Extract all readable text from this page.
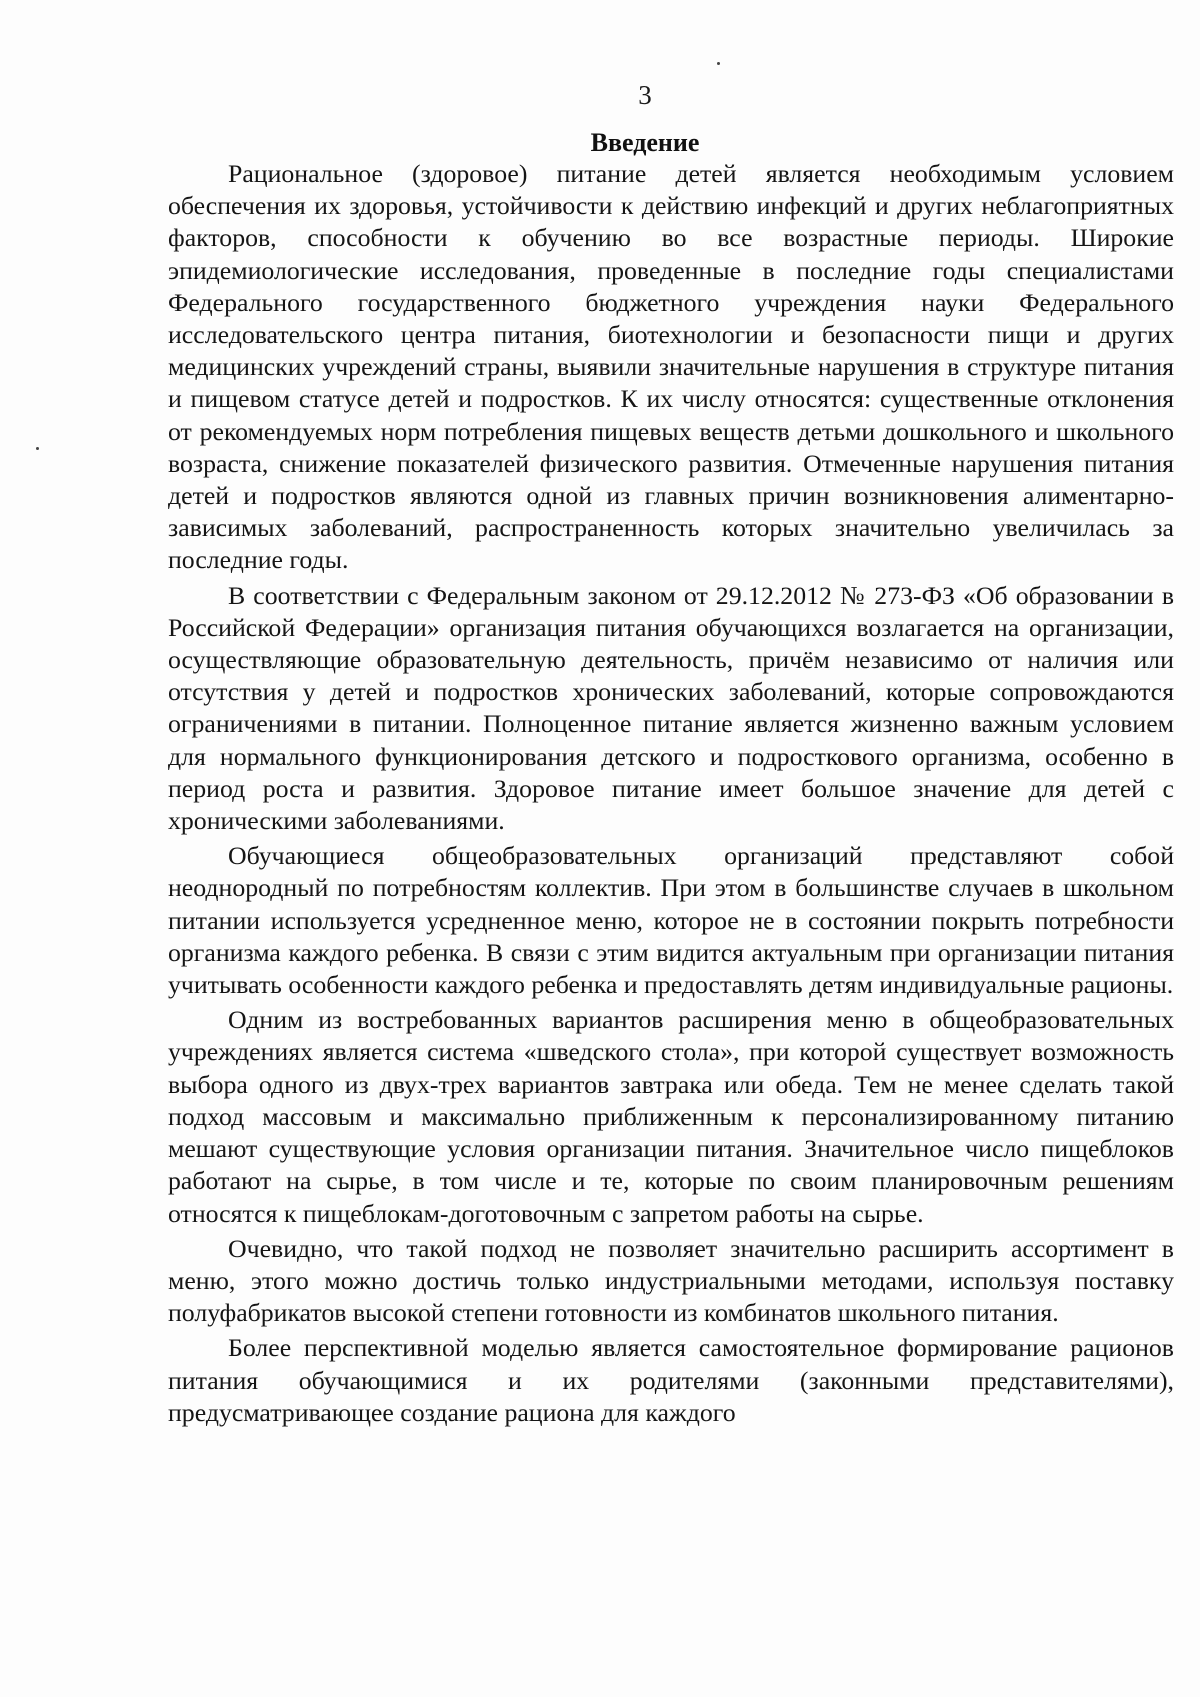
3
Введение

Рациональное (здоровое) питание детей является необходимым условием обеспечения их здоровья, устойчивости к действию инфекций и других неблагоприятных факторов, способности к обучению во все возрастные периоды. Широкие эпидемиологические исследования, проведенные в последние годы специалистами Федерального государственного бюджетного учреждения науки Федерального исследовательского центра питания, биотехнологии и безопасности пищи и других медицинских учреждений страны, выявили значительные нарушения в структуре питания и пищевом статусе детей и подростков. К их числу относятся: существенные отклонения от рекомендуемых норм потребления пищевых веществ детьми дошкольного и школьного возраста, снижение показателей физического развития. Отмеченные нарушения питания детей и подростков являются одной из главных причин возникновения алиментарно-зависимых заболеваний, распространенность которых значительно увеличилась за последние годы.

В соответствии с Федеральным законом от 29.12.2012 № 273-ФЗ «Об образовании в Российской Федерации» организация питания обучающихся возлагается на организации, осуществляющие образовательную деятельность, причём независимо от наличия или отсутствия у детей и подростков хронических заболеваний, которые сопровождаются ограничениями в питании. Полноценное питание является жизненно важным условием для нормального функционирования детского и подросткового организма, особенно в период роста и развития. Здоровое питание имеет большое значение для детей с хроническими заболеваниями.

Обучающиеся общеобразовательных организаций представляют собой неоднородный по потребностям коллектив. При этом в большинстве случаев в школьном питании используется усредненное меню, которое не в состоянии покрыть потребности организма каждого ребенка. В связи с этим видится актуальным при организации питания учитывать особенности каждого ребенка и предоставлять детям индивидуальные рационы.

Одним из востребованных вариантов расширения меню в общеобразовательных учреждениях является система «шведского стола», при которой существует возможность выбора одного из двух-трех вариантов завтрака или обеда. Тем не менее сделать такой подход массовым и максимально приближенным к персонализированному питанию мешают существующие условия организации питания. Значительное число пищеблоков работают на сырье, в том числе и те, которые по своим планировочным решениям относятся к пищеблокам-доготовочным с запретом работы на сырье.

Очевидно, что такой подход не позволяет значительно расширить ассортимент в меню, этого можно достичь только индустриальными методами, используя поставку полуфабрикатов высокой степени готовности из комбинатов школьного питания.

Более перспективной моделью является самостоятельное формирование рационов питания обучающимися и их родителями (законными представителями), предусматривающее создание рациона для каждого
